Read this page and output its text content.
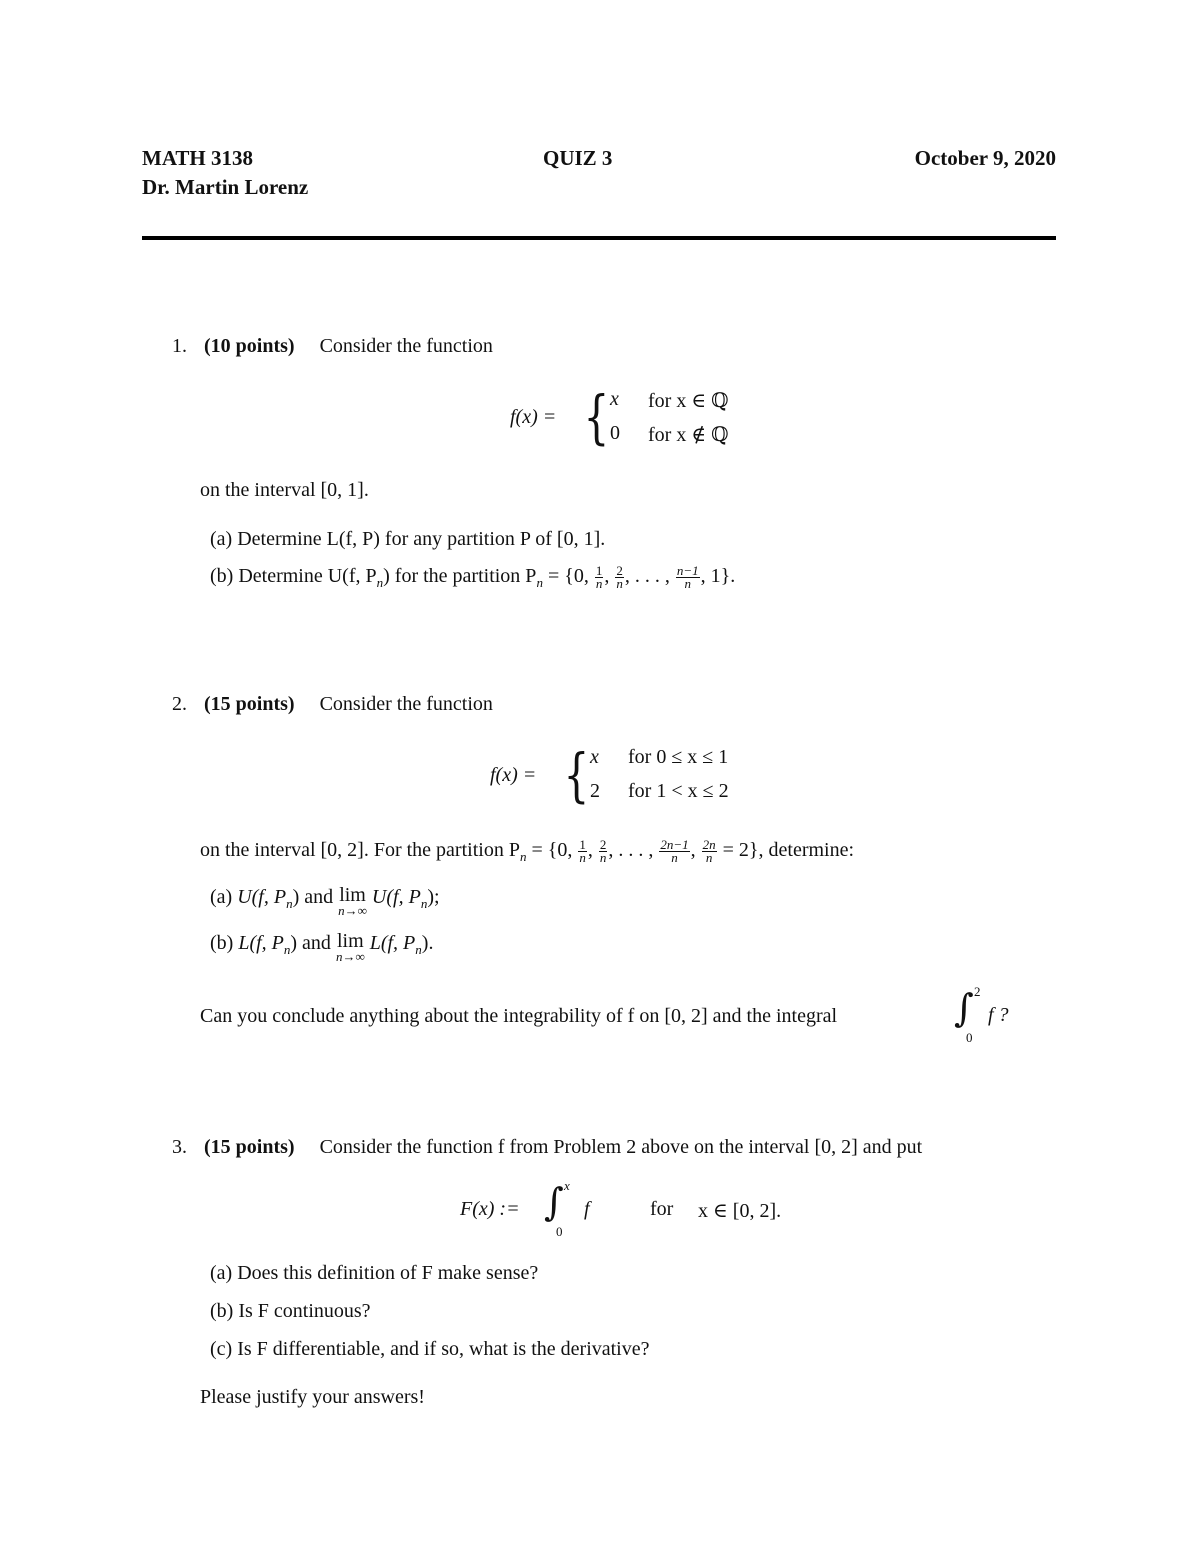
MATH 3138	QUIZ 3	October 9, 2020
Dr. Martin Lorenz
1. (10 points) Consider the function
f(x) = { x for x ∈ ℚ
0 for x ∉ ℚ
on the interval [0, 1].
(a) Determine L(f, P) for any partition P of [0, 1].
(b) Determine U(f, $P_n$) for the partition $P_n = \{0$, $\frac{1}{n}$ , $\frac{2}{n}$ , . . . , $\frac{n-1}{n}$ , 1}.
2. (15 points) Consider the function
f(x) = { x for 0 ≤ x ≤ 1
2 for 1 < x ≤ 2
on the interval [0, 2]. For the partition $P_n = \{0$, $\frac{1}{n}$ , $\frac{2}{n}$ , . . . , $\frac{2n-1}{n}$ , $\frac{2n}{n} = 2$}, determine:
(a) U(f, $P_n$) and lim
n→∞
U(f, $P_n$);
(b) L(f, $P_n$) and lim
n→∞
L(f, $P_n$).
Can you conclude anything about the integrability of f on [0, 2] and the integral	∫ 2
0
f ?
3. (15 points) Consider the function f from Problem 2 above on the interval [0, 2] and put
F(x) := ∫ x
0
f	for x ∈ [0, 2].
(a) Does this definition of F make sense?
(b) Is F continuous?
(c) Is F differentiable, and if so, what is the derivative?
Please justify your answers!
